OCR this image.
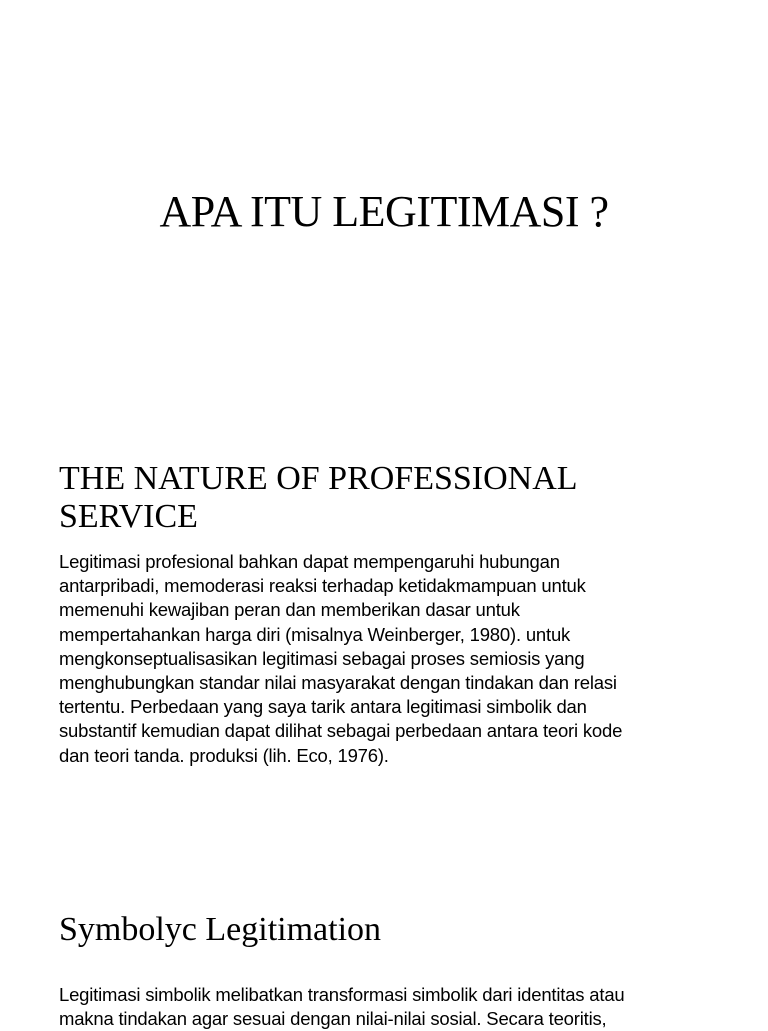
APA ITU LEGITIMASI ?
THE NATURE OF PROFESSIONAL
SERVICE

Legitimasi profesional bahkan dapat mempengaruhi hubungan
antarpribadi, memoderasi reaksi terhadap ketidakmampuan untuk
memenuhi kewajiban peran dan memberikan dasar untuk
mempertahankan harga diri (misalnya Weinberger, 1980). untuk
mengkonseptualisasikan legitimasi sebagai proses semiosis yang
menghubungkan standar nilai masyarakat dengan tindakan dan relasi
tertentu. Perbedaan yang saya tarik antara legitimasi simbolik dan
substantif kemudian dapat dilihat sebagai perbedaan antara teori kode
dan teori tanda. produksi (lih. Eco, 1976).

Symbolyc Legitimation

Legitimasi simbolik melibatkan transformasi simbolik dari identitas atau
makna tindakan agar sesuai dengan nilai-nilai sosial. Secara teoritis,
